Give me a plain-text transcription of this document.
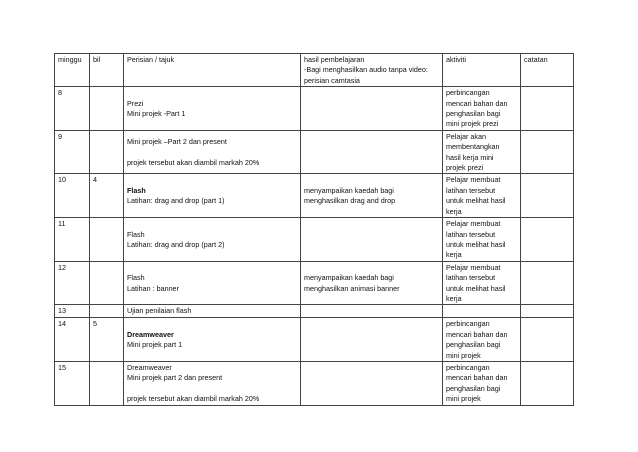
minggu	bil	Perisian / tajuk	hasil pembelajaran
-Bagi menghasilkan audio tanpa video:
perisian camtasia	aktiviti	catatan

8		Prezi
Mini projek -Part 1		perbincangan
mencari bahan dan
penghasilan bagi
mini projek prezi	

9		Mini projek –Part 2 dan present
projek tersebut akan diambil markah 20%		Pelajar akan
membentangkan
hasil kerja mini
projek prezi	

10	4	Flash
Latihan: drag and drop (part 1)	menyampaikan kaedah bagi
menghasilkan drag and drop	Pelajar membuat
latihan tersebut
untuk melihat hasil
kerja	

11		Flash
Latihan: drag and drop (part 2)		Pelajar membuat
latihan tersebut
untuk melihat hasil
kerja	

12		Flash
Latihan : banner	menyampaikan kaedah bagi
menghasilkan animasi banner	Pelajar membuat
latihan tersebut
untuk melihat hasil
kerja	

13		Ujian penilaian flash			

14	5	Dreamweaver
Mini projek part 1		perbincangan
mencari bahan dan
penghasilan bagi
mini projek	

15		Dreamweaver
Mini projek part 2 dan present
projek tersebut akan diambil markah 20%		perbincangan
mencari bahan dan
penghasilan bagi
mini projek	
